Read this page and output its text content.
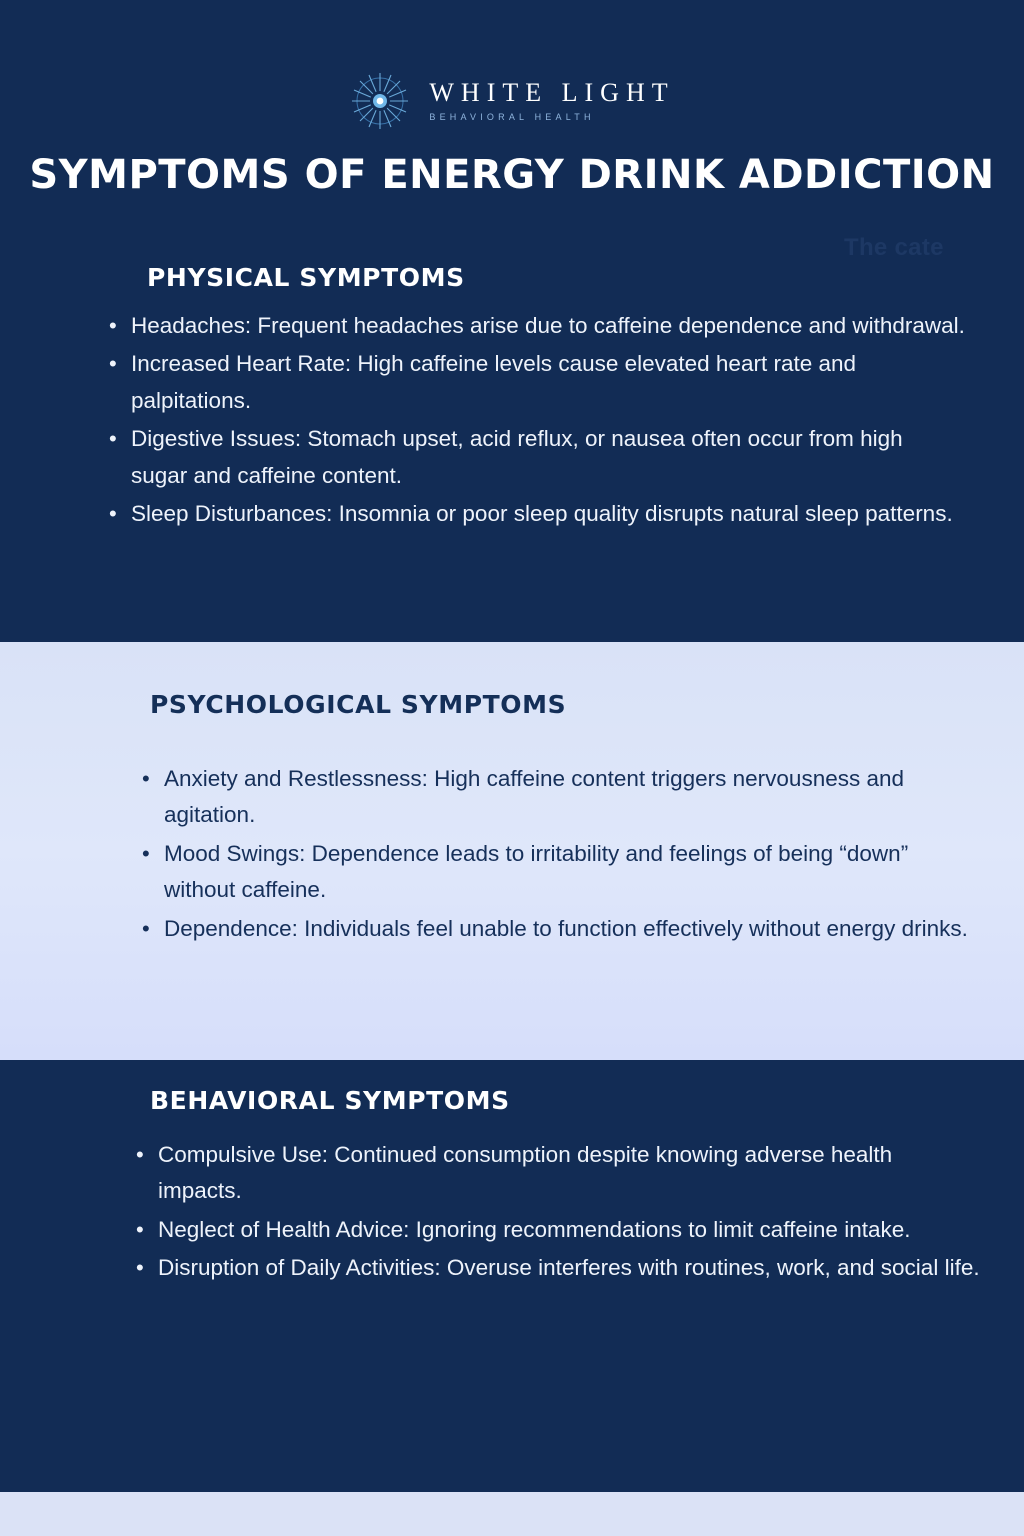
WHITE LIGHT
BEHAVIORAL HEALTH
SYMPTOMS OF ENERGY DRINK ADDICTION
The catе
PHYSICAL SYMPTOMS
• Headaches: Frequent headaches arise due to caffeine dependence and withdrawal.
• Increased Heart Rate: High caffeine levels cause elevated heart rate and palpitations.
• Digestive Issues: Stomach upset, acid reflux, or nausea often occur from high sugar and caffeine content.
• Sleep Disturbances: Insomnia or poor sleep quality disrupts natural sleep patterns.
PSYCHOLOGICAL SYMPTOMS
• Anxiety and Restlessness: High caffeine content triggers nervousness and agitation.
• Mood Swings: Dependence leads to irritability and feelings of being “down” without caffeine.
• Dependence: Individuals feel unable to function effectively without energy drinks.
BEHAVIORAL SYMPTOMS
• Compulsive Use: Continued consumption despite knowing adverse health impacts.
• Neglect of Health Advice: Ignoring recommendations to limit caffeine intake.
• Disruption of Daily Activities: Overuse interferes with routines, work, and social life.
